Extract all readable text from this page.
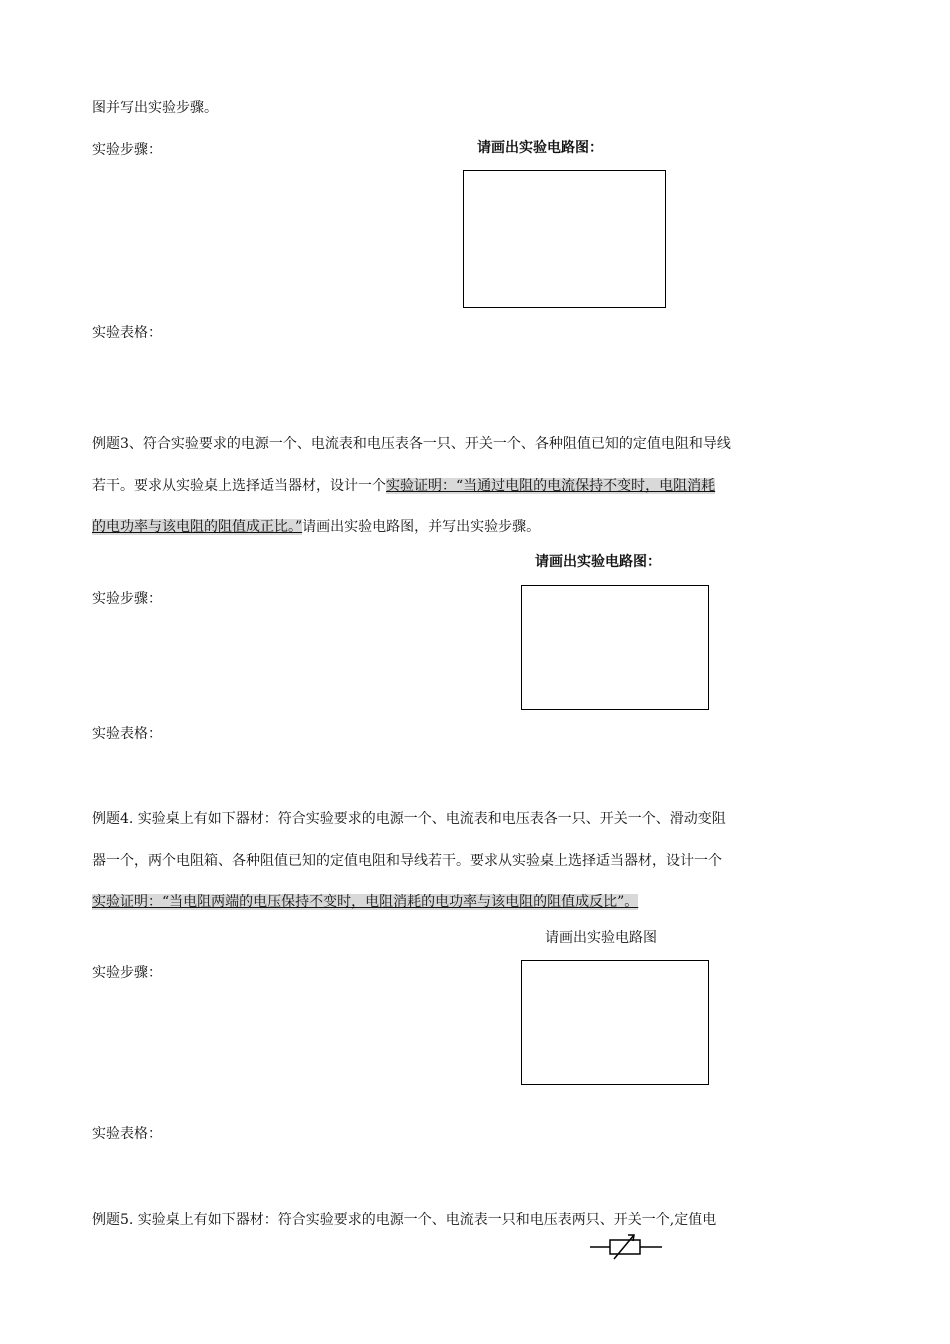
图并写出实验步骤。
实验步骤：	请画出实验电路图：
实验表格：
例题3、符合实验要求的电源一个、电流表和电压表各一只、开关一个、各种阻值已知的定值电阻和导线
若干。要求从实验桌上选择适当器材，设计一个实验证明：“当通过电阻的电流保持不变时，电阻消耗
的电功率与该电阻的阻值成正比。”请画出实验电路图，并写出实验步骤。
请画出实验电路图：
实验步骤：
实验表格：
例题4. 实验桌上有如下器材：符合实验要求的电源一个、电流表和电压表各一只、开关一个、滑动变阻
器一个，两个电阻箱、各种阻值已知的定值电阻和导线若干。要求从实验桌上选择适当器材，设计一个
实验证明：“当电阻两端的电压保持不变时，电阻消耗的电功率与该电阻的阻值成反比”。
请画出实验电路图
实验步骤：
实验表格：
例题5. 实验桌上有如下器材：符合实验要求的电源一个、电流表一只和电压表两只、开关一个,定值电
